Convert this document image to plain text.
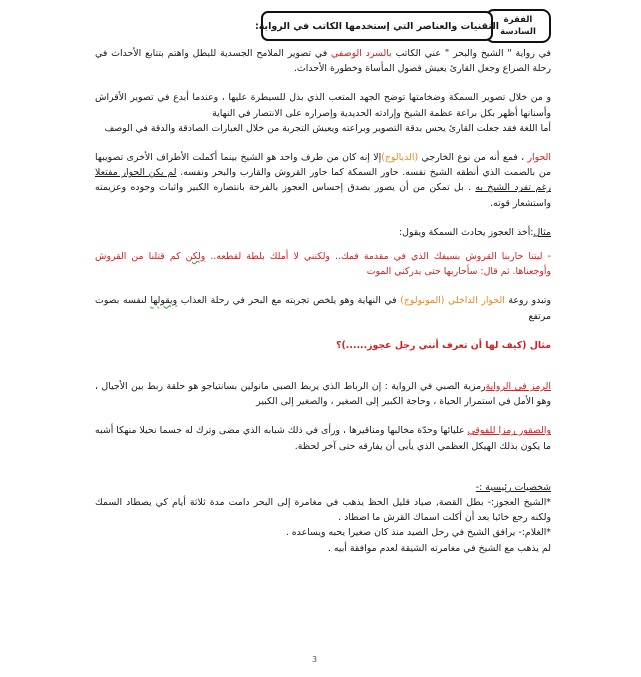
الفقرة
السادسة
التقنيات والعناصر التي إستخدمها الكاتب في الرواية:

في رواية " الشيخ والبحر " عني الكاتب بالسرد الوصفي في تصوير الملامح الجسدية للبطل واهتم بتتابع الأحداث في رحلة الصراع وجعل القارئ يعيش فصول المأساة وخطورة الأحداث.

و من خلال تصوير السمكة وضخامتها توضح الجهد المتعب الذي بذل للسيطرة عليها ، وعندما أبدع في تصوير الأقراش وأسنانها أظهر بكل براعة عظمة الشيخ وإرادته الحديدية وإصراره على الانتصار في النهاية

أما اللغة فقد جعلت القارئ يحس بدقة التصوير وبراعته ويعيش التجربة من خلال العبارات الصادقة والدقة في الوصف

الحوار ، فمع أنه من نوع الخارجي (الديالوج)إلا إنه كان من طرف واحد هو الشيخ بينما أكملت الأطراف الأخرى تصويبها من بالصمت الذي أنطقه الشيخ نفسه. حاور السمكة كما حاور القروش والقارب والبحر ونفسه. لم يكن الحوار مفتعلا رغم تفرد الشيخ به . بل تمكن من أن يصور بصدق إحساس العجوز بالفرحة بانتصاره الكبير واثبات وجوده وعزيمته واستشعار قوته.

مثال:أخذ العجوز يحادث السمكة ويقول:

- ليتنا حاربنا القروش بسيفك الذي في مقدمة فمك.. ولكنني لا أملك بلطة لقطعه.. ولكن كم قتلنا من القروش وأوجعناها. ثم قال: سأحاربها حتى يدركني الموت

وتبدو روعة الحوار الداخلي (المونولوج) في النهاية وهو يلخص تجربته مع البحر في رحلة العذاب ويقولها لنفسه بصوت مرتفع

مثال (كيف لها أن تعرف أنني رجل عجوز......)؟

الرمز في الروايةرمزية الصبي في الرواية : إن الرباط الذي يربط الصبي مانولين بسانتياجو هو حلقة ربط بين الأجيال ، وهو الأمل في استمرار الحياة ، وحاجة الكبير إلى الصغير ، والصغير إلى الكبير

والصقور رمزا للفوقي عليائها وحدّة مخالبها ومناقيرها ، ورأى في ذلك شبابه الذي مضى وترك له جسما نحيلا منهكا أشبه ما يكون بذلك الهيكل العظمي الذي يأبى أن يفارقه حتى آخر لحظة.

شخصيات رئيسية :-

*الشيخ العجوز:- بطل القصة, صياد قليل الحظ يذهب في مغامرة إلى البحر دامت مدة ثلاثة أيام كي يصطاد السمك ولكنه رجع خائبا بعد أن أكلت اسماك القرش ما اصطاد .

*الغلام:- يرافق الشيخ في رحل الصيد منذ كان صغيرا يحبه ويساعده .

لم يذهب مع الشيخ في مغامرته الشيقة لعدم موافقة أبيه .

3
